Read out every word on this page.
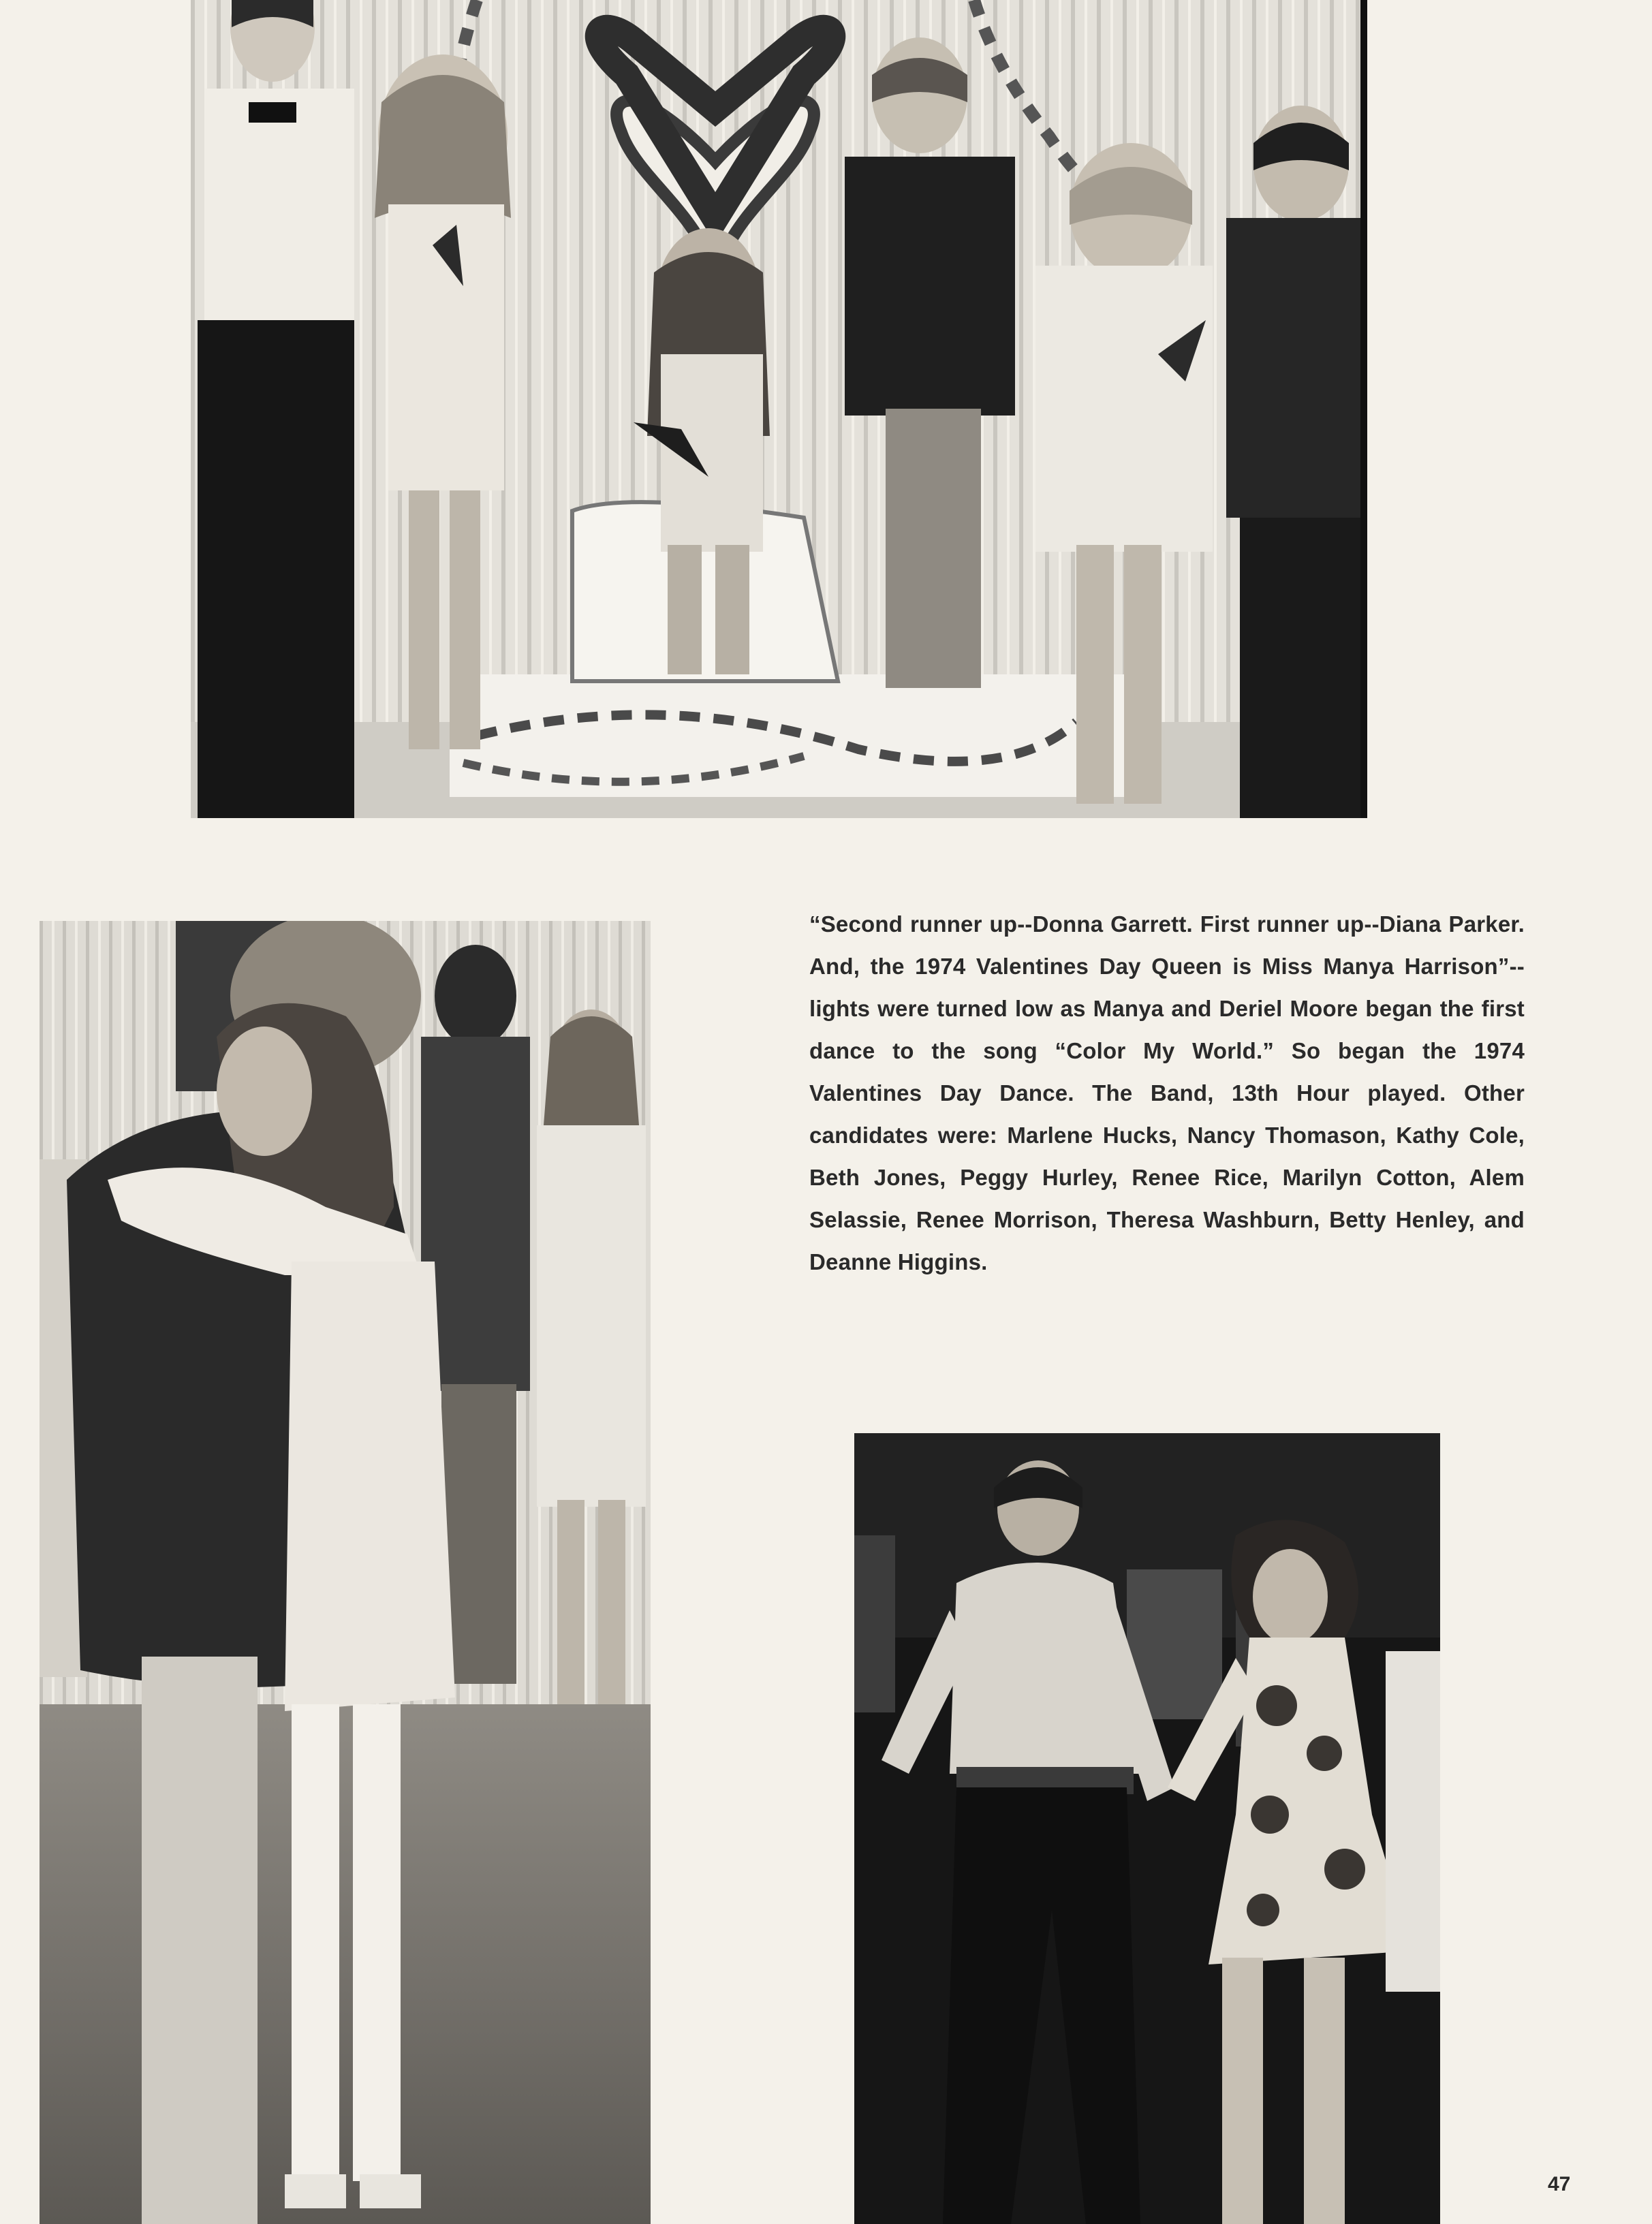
“Second runner up--Donna Garrett. First runner up--Diana Parker. And, the 1974 Valentines Day Queen is Miss Manya Harrison”--lights were turned low as Manya and Deriel Moore began the first dance to the song “Color My World.” So began the 1974 Valentines Day Dance. The Band, 13th Hour played. Other candidates were: Marlene Hucks, Nancy Thomason, Kathy Cole, Beth Jones, Peggy Hurley, Renee Rice, Marilyn Cotton, Alem Selassie, Renee Morrison, Theresa Washburn, Betty Henley, and Deanne Higgins.
47
